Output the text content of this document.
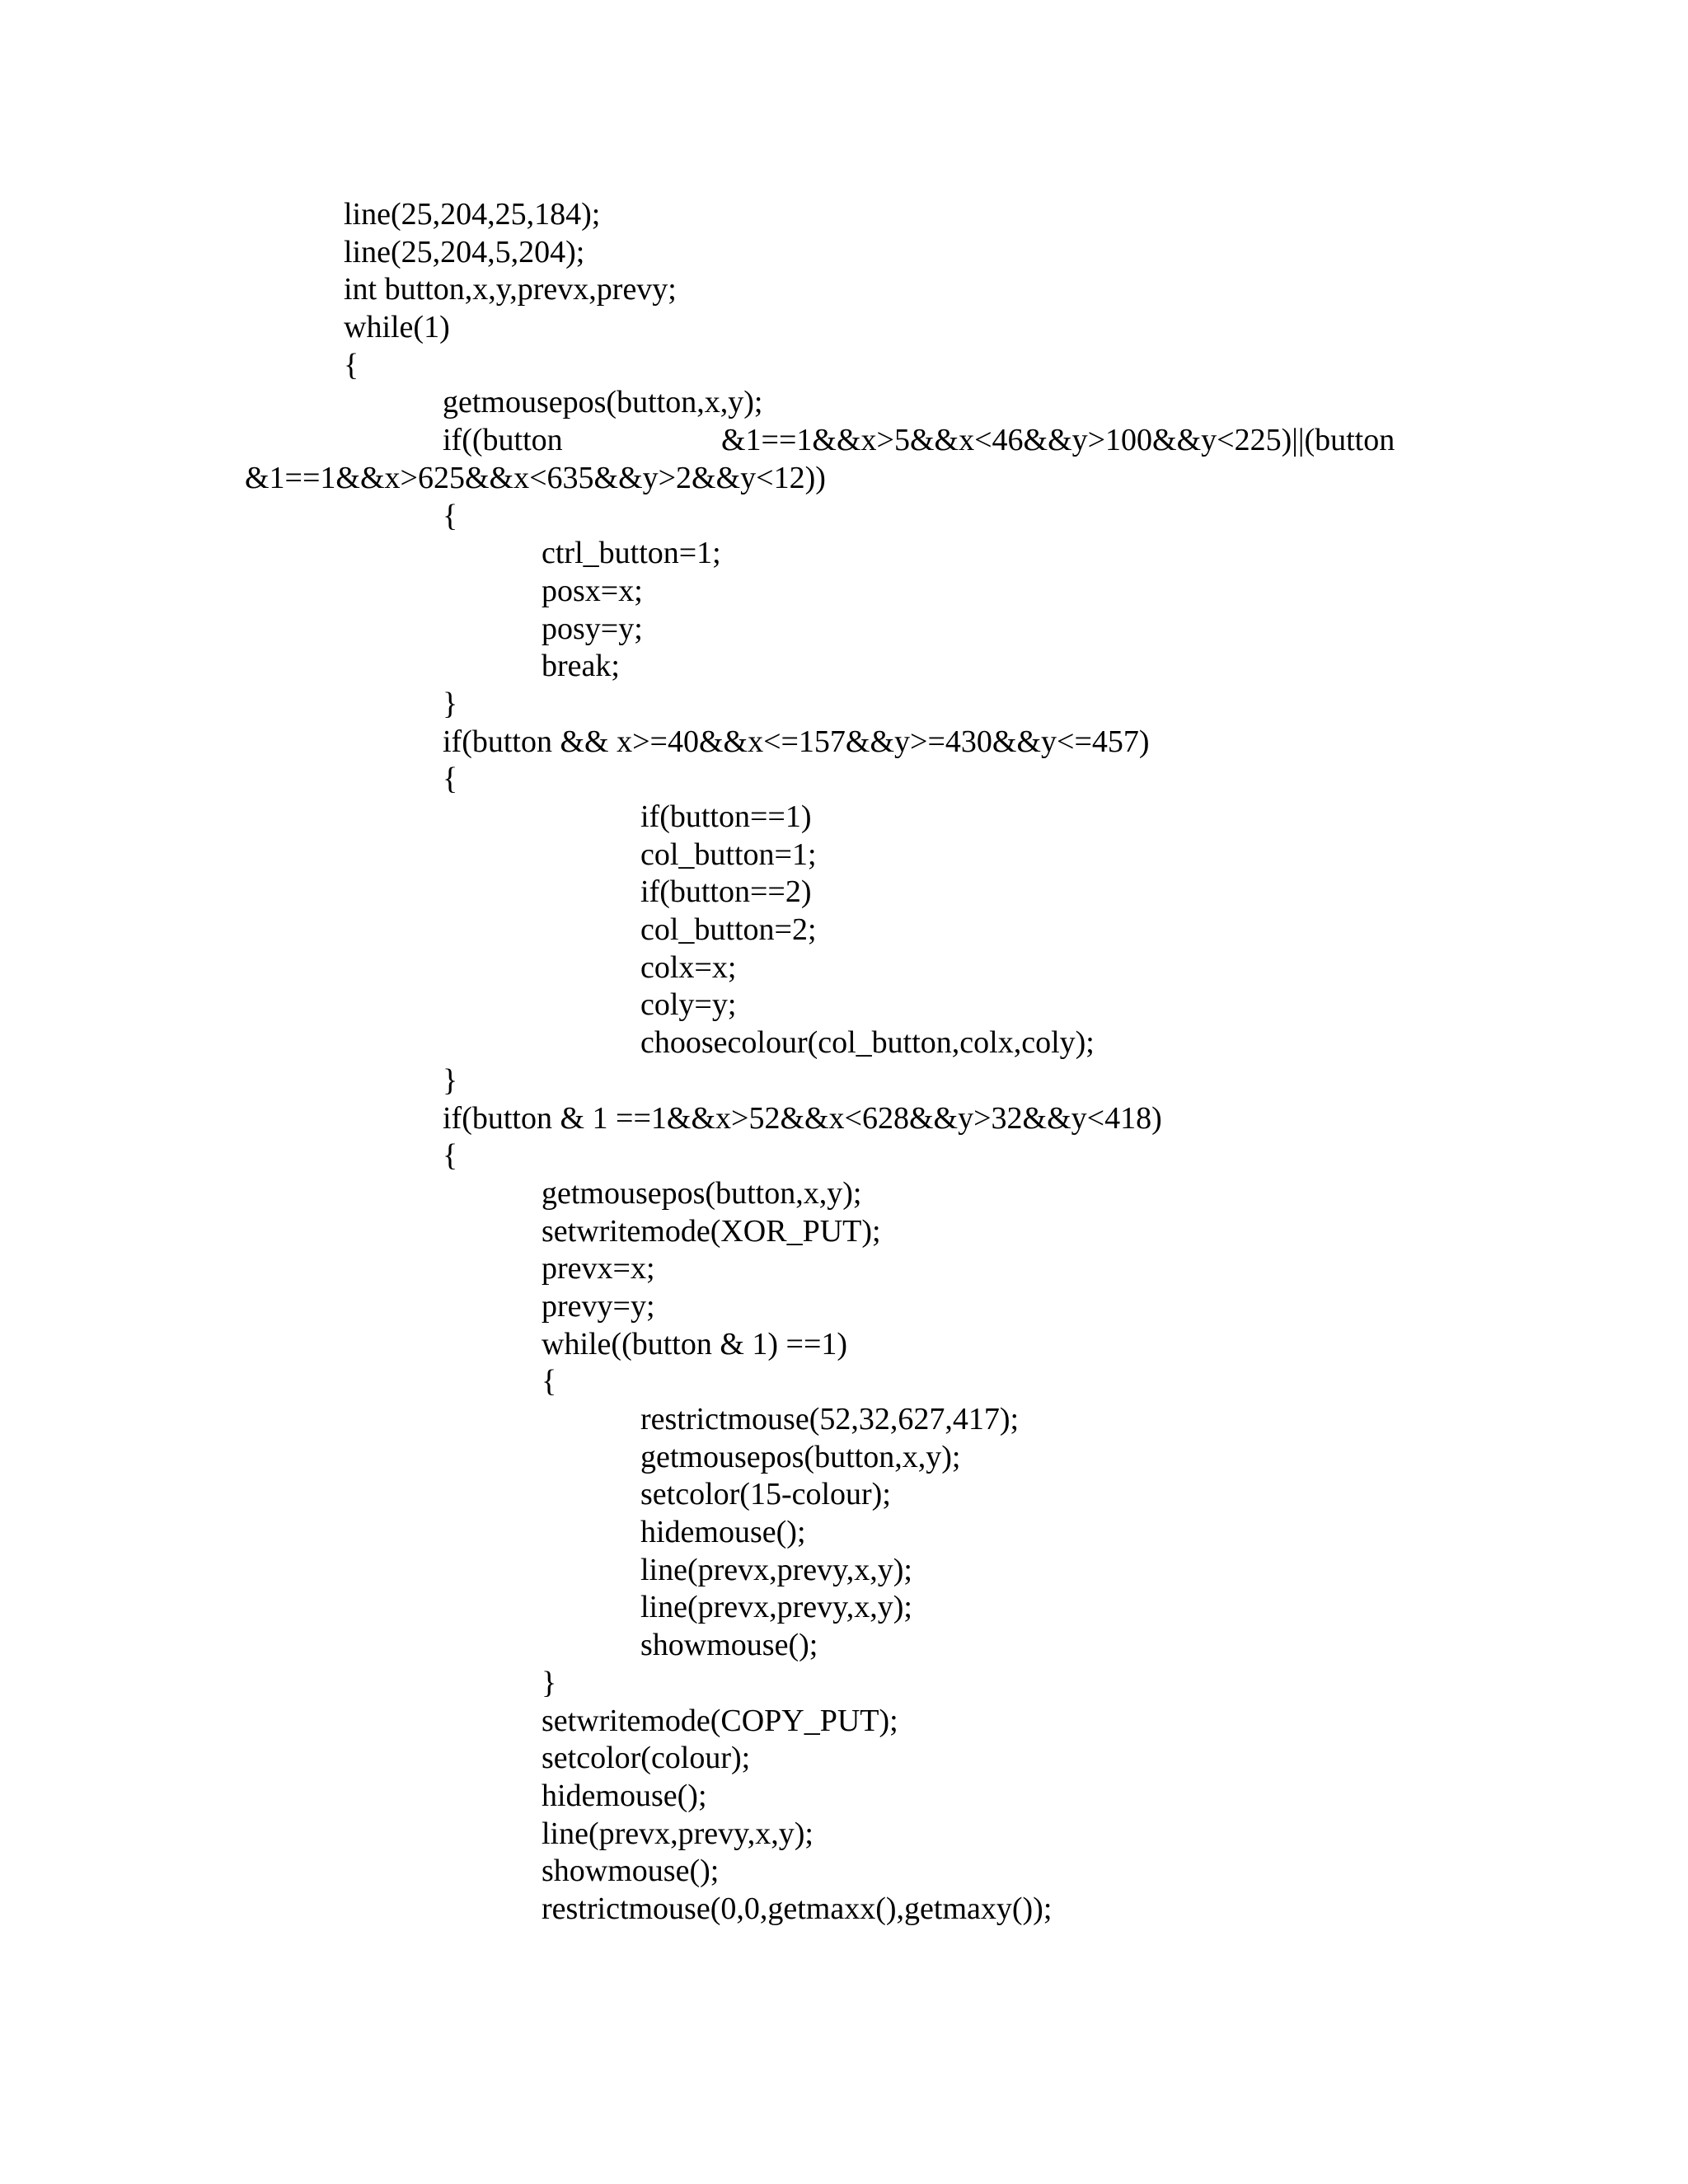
line(25,204,25,184);
line(25,204,5,204);
int button,x,y,prevx,prevy;
while(1)
{
getmousepos(button,x,y);
if((button	&1==1&&x>5&&x<46&&y>100&&y<225)||(button
&1==1&&x>625&&x<635&&y>2&&y<12))
{
ctrl_button=1;
posx=x;
posy=y;
break;
}
if(button && x>=40&&x<=157&&y>=430&&y<=457)
{
if(button==1)
col_button=1;
if(button==2)
col_button=2;
colx=x;
coly=y;
choosecolour(col_button,colx,coly);
}
if(button & 1 ==1&&x>52&&x<628&&y>32&&y<418)
{
getmousepos(button,x,y);
setwritemode(XOR_PUT);
prevx=x;
prevy=y;
while((button & 1) ==1)
{
restrictmouse(52,32,627,417);
getmousepos(button,x,y);
setcolor(15-colour);
hidemouse();
line(prevx,prevy,x,y);
line(prevx,prevy,x,y);
showmouse();
}
setwritemode(COPY_PUT);
setcolor(colour);
hidemouse();
line(prevx,prevy,x,y);
showmouse();
restrictmouse(0,0,getmaxx(),getmaxy());
